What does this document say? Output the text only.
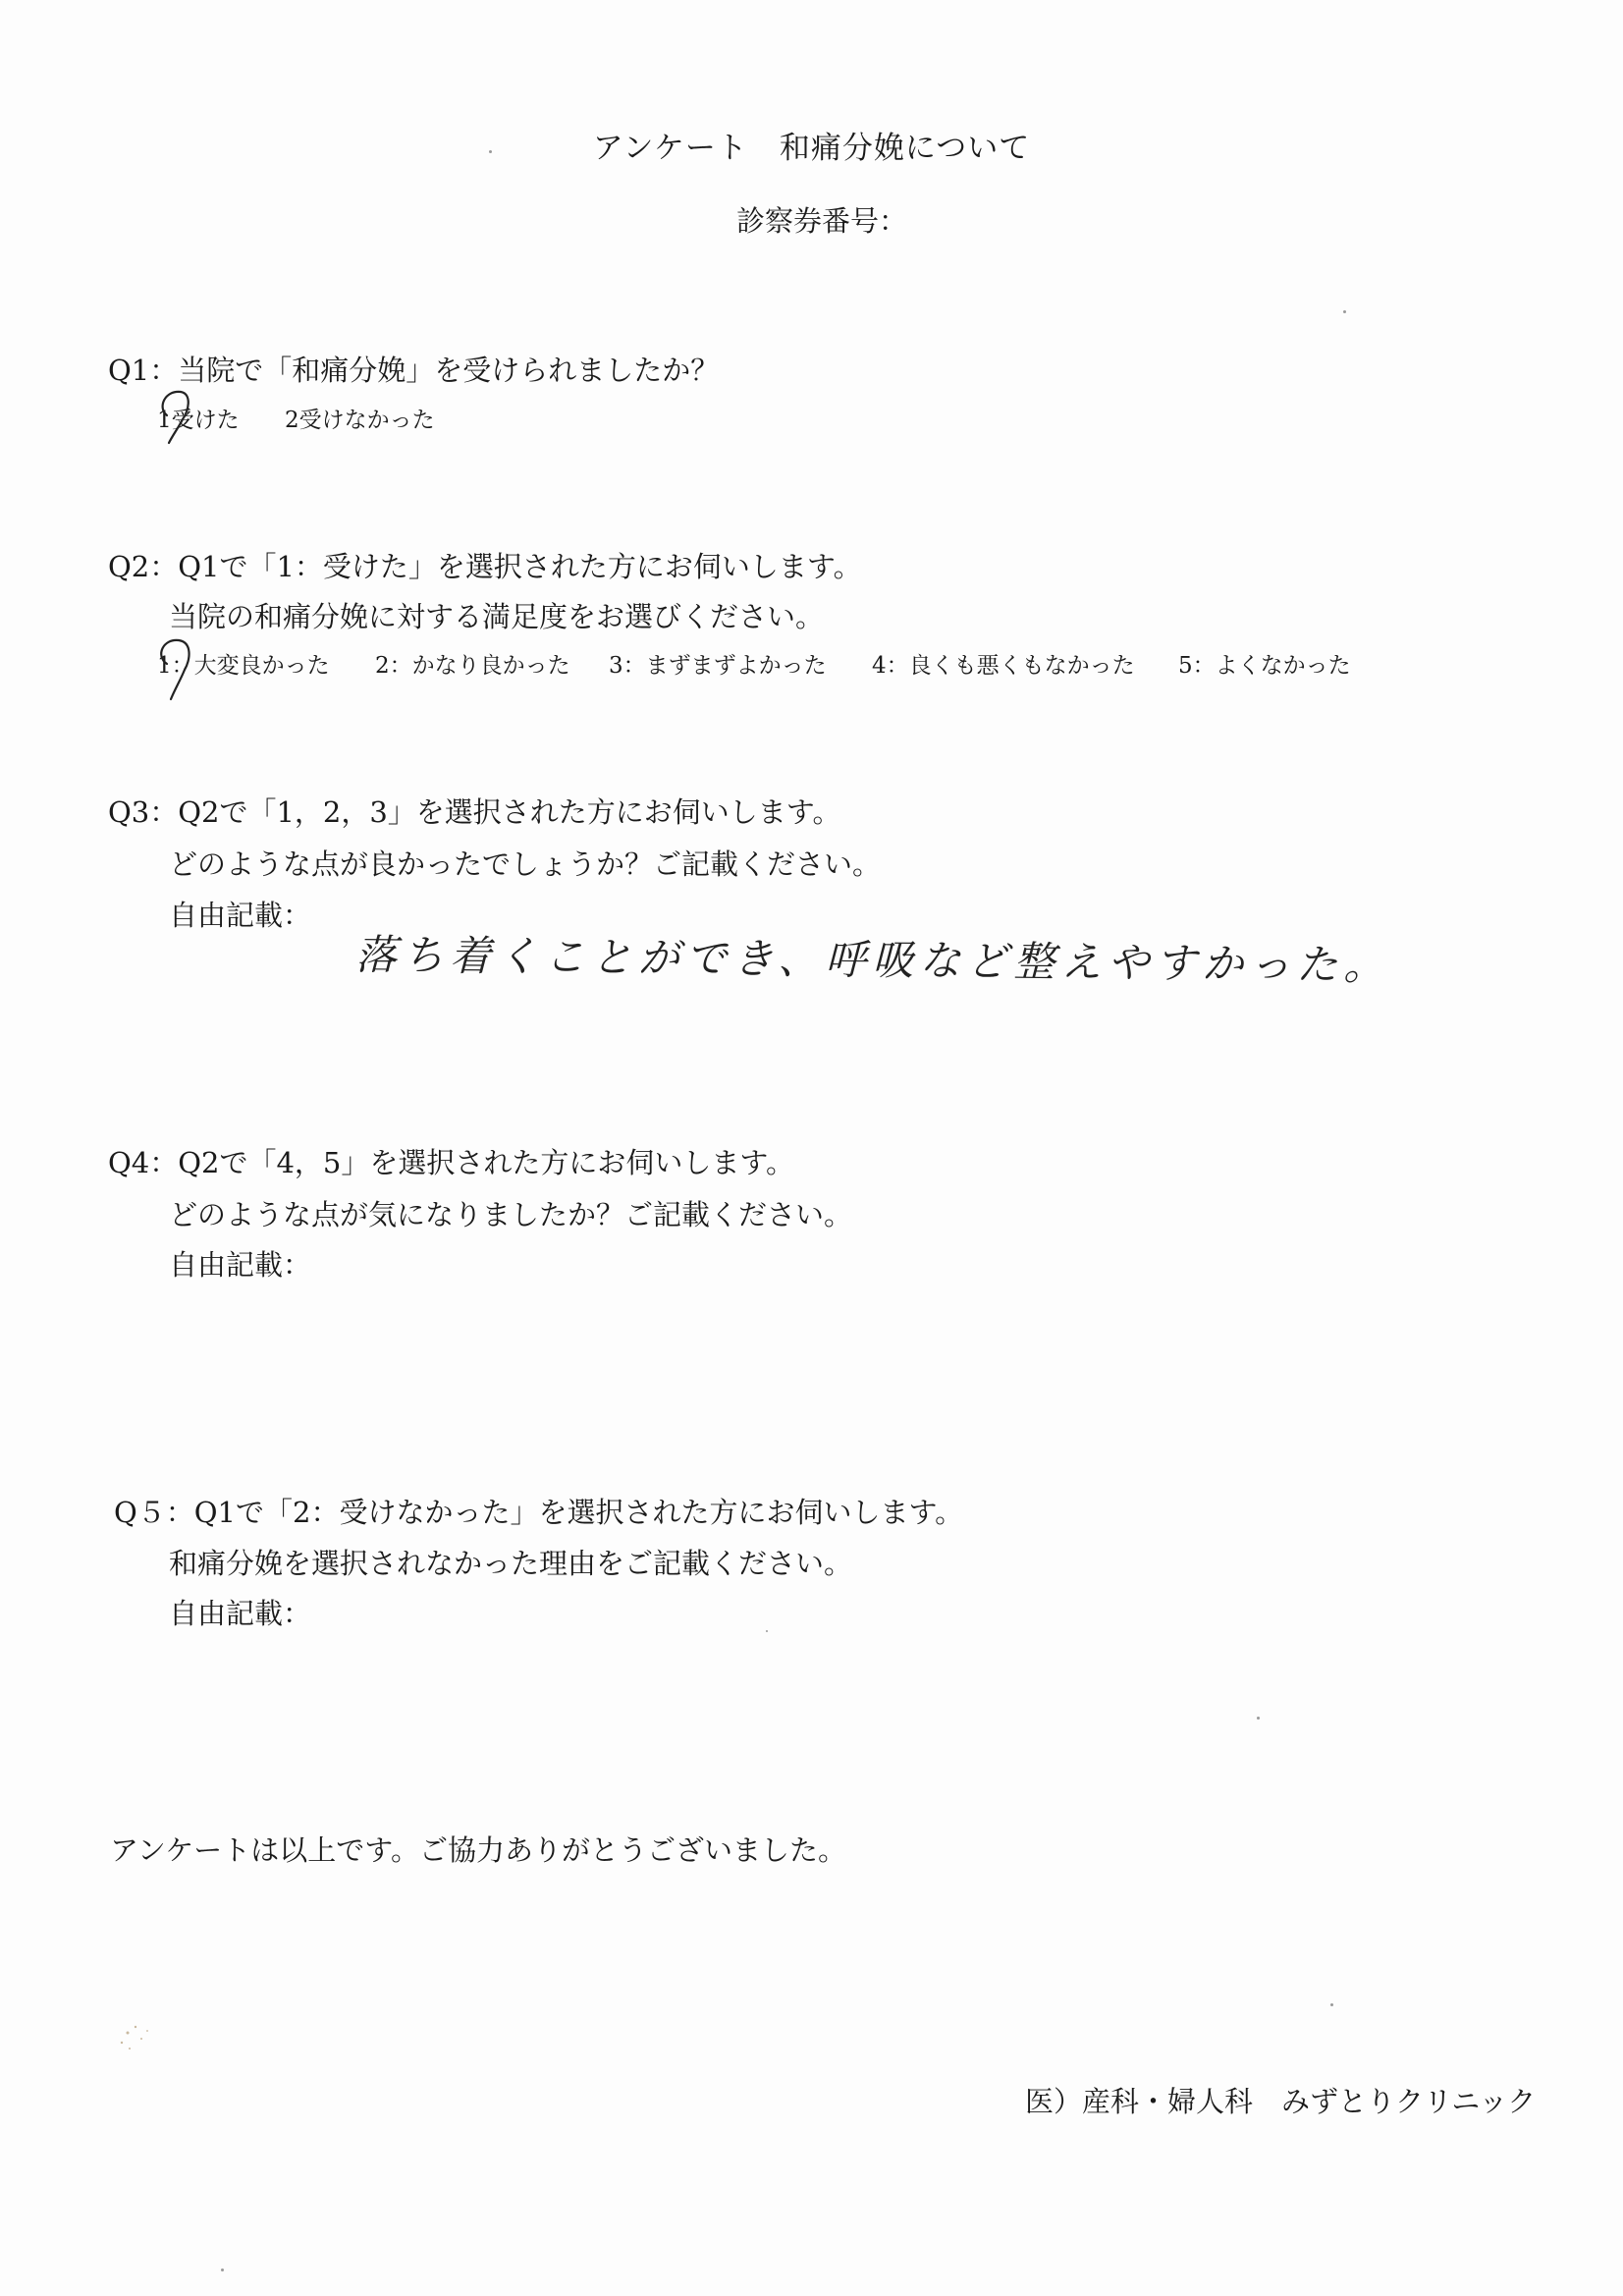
アンケート　和痛分娩について
診察券番号：
Q1：当院で「和痛分娩」を受けられましたか？
1受けた 2受けなかった
Q2：Q1で「1：受けた」を選択された方にお伺いします。
当院の和痛分娩に対する満足度をお選びください。
1：大変良かった 2：かなり良かった 3：まずまずよかった 4：良くも悪くもなかった 5：よくなかった
Q3：Q2で「1，2，3」を選択された方にお伺いします。
どのような点が良かったでしょうか？ご記載ください。
自由記載：
落ち着くことができ、呼吸など整えやすかった。
Q4：Q2で「4，5」を選択された方にお伺いします。
どのような点が気になりましたか？ご記載ください。
自由記載：
Q５：Q1で「2：受けなかった」を選択された方にお伺いします。
和痛分娩を選択されなかった理由をご記載ください。
自由記載：
アンケートは以上です。ご協力ありがとうございました。
医）産科・婦人科　みずとりクリニック
